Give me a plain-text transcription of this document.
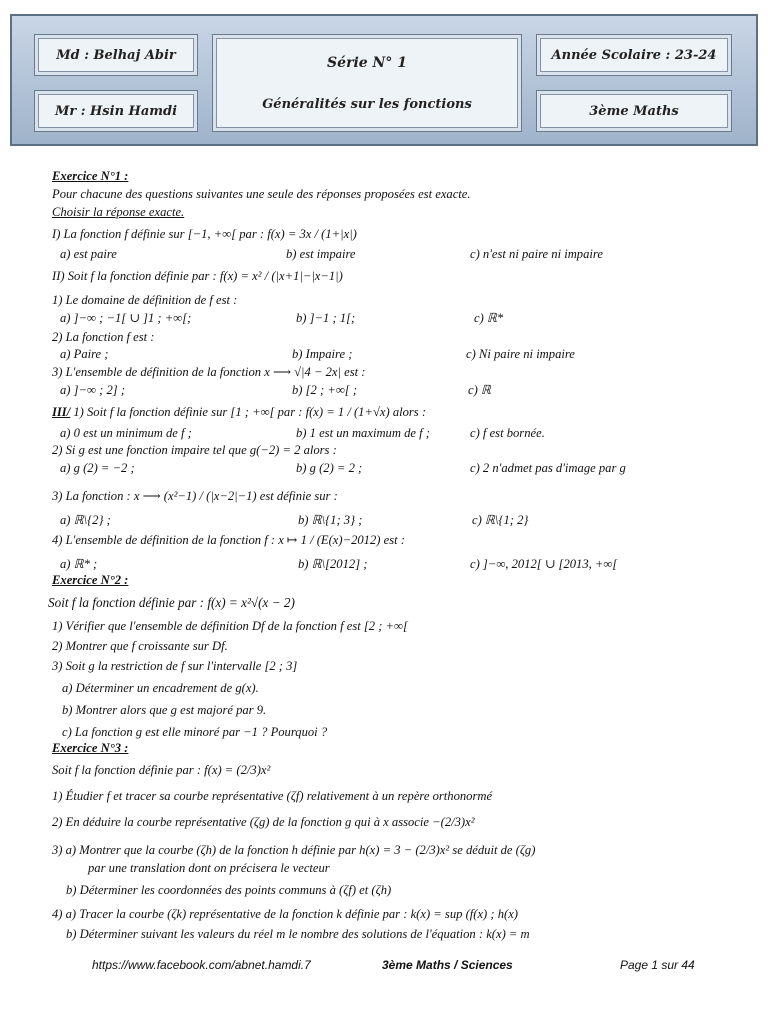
Md : Belhaj Abir
Mr : Hsin Hamdi
Série N° 1
Généralités sur les fonctions
Année Scolaire : 23-24
3ème Maths
Exercice N°1 :
Pour chacune des questions suivantes une seule des réponses proposées est exacte.
Choisir la réponse exacte.
I) La fonction f définie sur [−1, +∞[ par : f(x) = 3x / (1+|x|)
a) est paire	b) est impaire	c) n'est ni paire ni impaire
II) Soit f la fonction définie par : f(x) = x² / (|x+1|−|x−1|)
1) Le domaine de définition de f est :
a) ]−∞ ; −1[ ∪ ]1 ; +∞[;	b) ]−1 ; 1[;	c) ℝ*
2) La fonction f est :
a) Paire ;	b) Impaire ;	c) Ni paire ni impaire
3) L'ensemble de définition de la fonction x ⟶ √|4 − 2x| est :
a) ]−∞ ; 2] ;	b) [2 ; +∞[ ;	c) ℝ
III/ 1) Soit f la fonction définie sur [1 ; +∞[ par : f(x) = 1 / (1+√x) alors :
a) 0 est un minimum de f ;	b) 1 est un maximum de f ;	c) f est bornée.
2) Si g est une fonction impaire tel que g(−2) = 2 alors :
a) g (2) = −2 ;	b) g (2) = 2 ;	c) 2 n'admet pas d'image par g
3) La fonction : x ⟶ (x²−1) / (|x−2|−1) est définie sur :
a) ℝ\{2} ;	b) ℝ\{1; 3} ;	c) ℝ\{1; 2}
4) L'ensemble de définition de la fonction f : x ↦ 1 / (E(x)−2012) est :
a) ℝ* ;	b) ℝ\[2012] ;	c) ]−∞, 2012[ ∪ [2013, +∞[
Exercice N°2 :
Soit f la fonction définie par : f(x) = x²√(x − 2)
1) Vérifier que l'ensemble de définition Df de la fonction f est [2 ; +∞[
2) Montrer que f croissante sur Df.
3) Soit g la restriction de f sur l'intervalle [2 ; 3]
a) Déterminer un encadrement de g(x).
b) Montrer alors que g est majoré par 9.
c) La fonction g est elle minoré par −1 ? Pourquoi ?
Exercice N°3 :
Soit f la fonction définie par : f(x) = (2/3)x²
1) Étudier f et tracer sa courbe représentative (ζf) relativement à un repère orthonormé
2) En déduire la courbe représentative (ζg) de la fonction g qui à x associe −(2/3)x²
3) a) Montrer que la courbe (ζh) de la fonction h définie par h(x) = 3 − (2/3)x² se déduit de (ζg)
par une translation dont on précisera le vecteur
b) Déterminer les coordonnées des points communs à (ζf) et (ζh)
4) a) Tracer la courbe (ζk) représentative de la fonction k définie par : k(x) = sup (f(x) ; h(x)
b) Déterminer suivant les valeurs du réel m le nombre des solutions de l'équation : k(x) = m
https://www.facebook.com/abnet.hamdi.7	3ème Maths / Sciences	Page 1 sur 44
